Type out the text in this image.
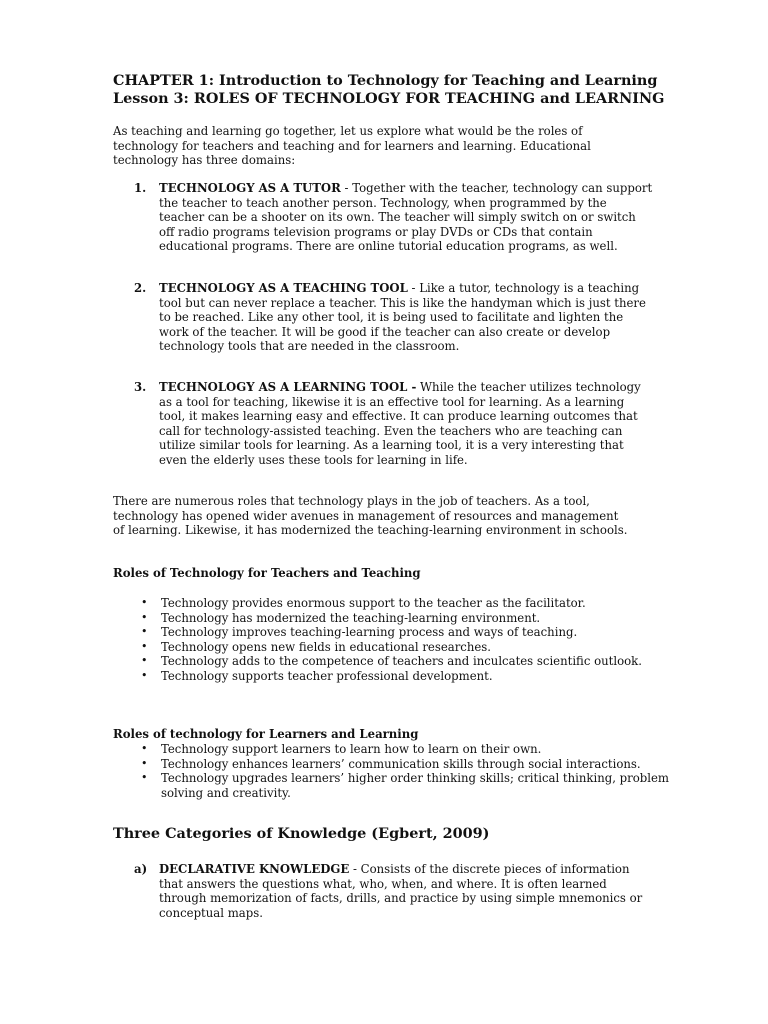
CHAPTER 1: Introduction to Technology for Teaching and Learning
Lesson 3: ROLES OF TECHNOLOGY FOR TEACHING and LEARNING

As teaching and learning go together, let us explore what would be the roles of technology for teachers and teaching and for learners and learning. Educational technology has three domains:

1. TECHNOLOGY AS A TUTOR - Together with the teacher, technology can support the teacher to teach another person. Technology, when programmed by the teacher can be a shooter on its own. The teacher will simply switch on or switch off radio programs television programs or play DVDs or CDs that contain educational programs. There are online tutorial education programs, as well.
2. TECHNOLOGY AS A TEACHING TOOL - Like a tutor, technology is a teaching tool but can never replace a teacher. This is like the handyman which is just there to be reached. Like any other tool, it is being used to facilitate and lighten the work of the teacher. It will be good if the teacher can also create or develop technology tools that are needed in the classroom.
3. TECHNOLOGY AS A LEARNING TOOL - While the teacher utilizes technology as a tool for teaching, likewise it is an effective tool for learning. As a learning tool, it makes learning easy and effective. It can produce learning outcomes that call for technology-assisted teaching. Even the teachers who are teaching can utilize similar tools for learning. As a learning tool, it is a very interesting that even the elderly uses these tools for learning in life.

There are numerous roles that technology plays in the job of teachers. As a tool, technology has opened wider avenues in management of resources and management of learning. Likewise, it has modernized the teaching-learning environment in schools.

Roles of Technology for Teachers and Teaching

• Technology provides enormous support to the teacher as the facilitator.
• Technology has modernized the teaching-learning environment.
• Technology improves teaching-learning process and ways of teaching.
• Technology opens new fields in educational researches.
• Technology adds to the competence of teachers and inculcates scientific outlook.
• Technology supports teacher professional development.

Roles of technology for Learners and Learning

• Technology support learners to learn how to learn on their own.
• Technology enhances learners’ communication skills through social interactions.
• Technology upgrades learners’ higher order thinking skills; critical thinking, problem solving and creativity.

Three Categories of Knowledge (Egbert, 2009)

a) DECLARATIVE KNOWLEDGE - Consists of the discrete pieces of information that answers the questions what, who, when, and where. It is often learned through memorization of facts, drills, and practice by using simple mnemonics or conceptual maps.
